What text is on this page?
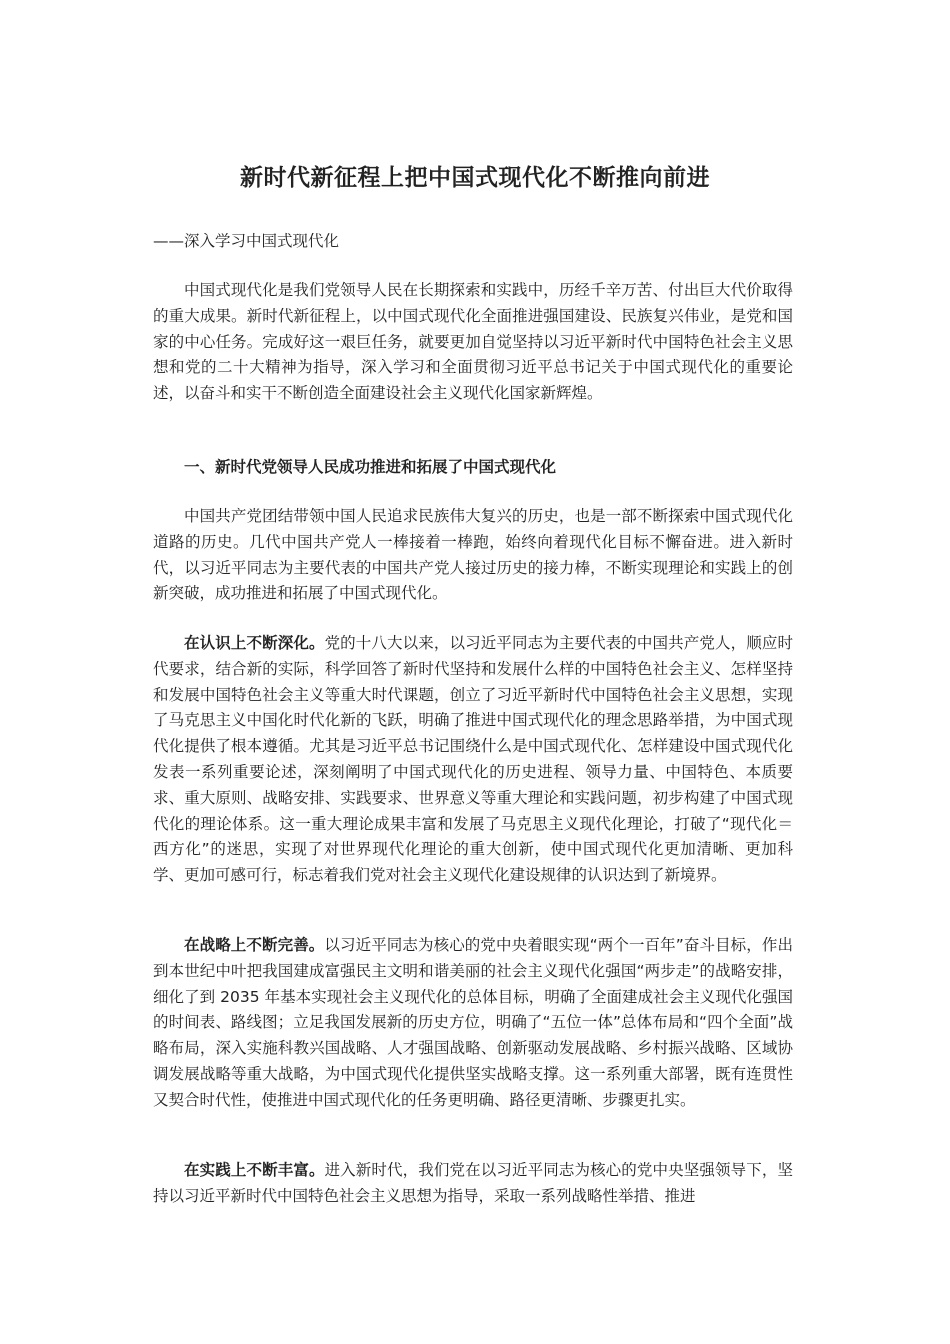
新时代新征程上把中国式现代化不断推向前进

——深入学习中国式现代化

中国式现代化是我们党领导人民在长期探索和实践中，历经千辛万苦、付出巨大代价取得的重大成果。新时代新征程上，以中国式现代化全面推进强国建设、民族复兴伟业，是党和国家的中心任务。完成好这一艰巨任务，就要更加自觉坚持以习近平新时代中国特色社会主义思想和党的二十大精神为指导，深入学习和全面贯彻习近平总书记关于中国式现代化的重要论述，以奋斗和实干不断创造全面建设社会主义现代化国家新辉煌。

一、新时代党领导人民成功推进和拓展了中国式现代化

中国共产党团结带领中国人民追求民族伟大复兴的历史，也是一部不断探索中国式现代化道路的历史。几代中国共产党人一棒接着一棒跑，始终向着现代化目标不懈奋进。进入新时代，以习近平同志为主要代表的中国共产党人接过历史的接力棒，不断实现理论和实践上的创新突破，成功推进和拓展了中国式现代化。

在认识上不断深化。党的十八大以来，以习近平同志为主要代表的中国共产党人，顺应时代要求，结合新的实际，科学回答了新时代坚持和发展什么样的中国特色社会主义、怎样坚持和发展中国特色社会主义等重大时代课题，创立了习近平新时代中国特色社会主义思想，实现了马克思主义中国化时代化新的飞跃，明确了推进中国式现代化的理念思路举措，为中国式现代化提供了根本遵循。尤其是习近平总书记围绕什么是中国式现代化、怎样建设中国式现代化发表一系列重要论述，深刻阐明了中国式现代化的历史进程、领导力量、中国特色、本质要求、重大原则、战略安排、实践要求、世界意义等重大理论和实践问题，初步构建了中国式现代化的理论体系。这一重大理论成果丰富和发展了马克思主义现代化理论，打破了“现代化＝西方化”的迷思，实现了对世界现代化理论的重大创新，使中国式现代化更加清晰、更加科学、更加可感可行，标志着我们党对社会主义现代化建设规律的认识达到了新境界。

在战略上不断完善。以习近平同志为核心的党中央着眼实现“两个一百年”奋斗目标，作出到本世纪中叶把我国建成富强民主文明和谐美丽的社会主义现代化强国“两步走”的战略安排，细化了到 2035 年基本实现社会主义现代化的总体目标，明确了全面建成社会主义现代化强国的时间表、路线图；立足我国发展新的历史方位，明确了“五位一体”总体布局和“四个全面”战略布局，深入实施科教兴国战略、人才强国战略、创新驱动发展战略、乡村振兴战略、区域协调发展战略等重大战略，为中国式现代化提供坚实战略支撑。这一系列重大部署，既有连贯性又契合时代性，使推进中国式现代化的任务更明确、路径更清晰、步骤更扎实。

在实践上不断丰富。进入新时代，我们党在以习近平同志为核心的党中央坚强领导下，坚持以习近平新时代中国特色社会主义思想为指导，采取一系列战略性举措、推进
